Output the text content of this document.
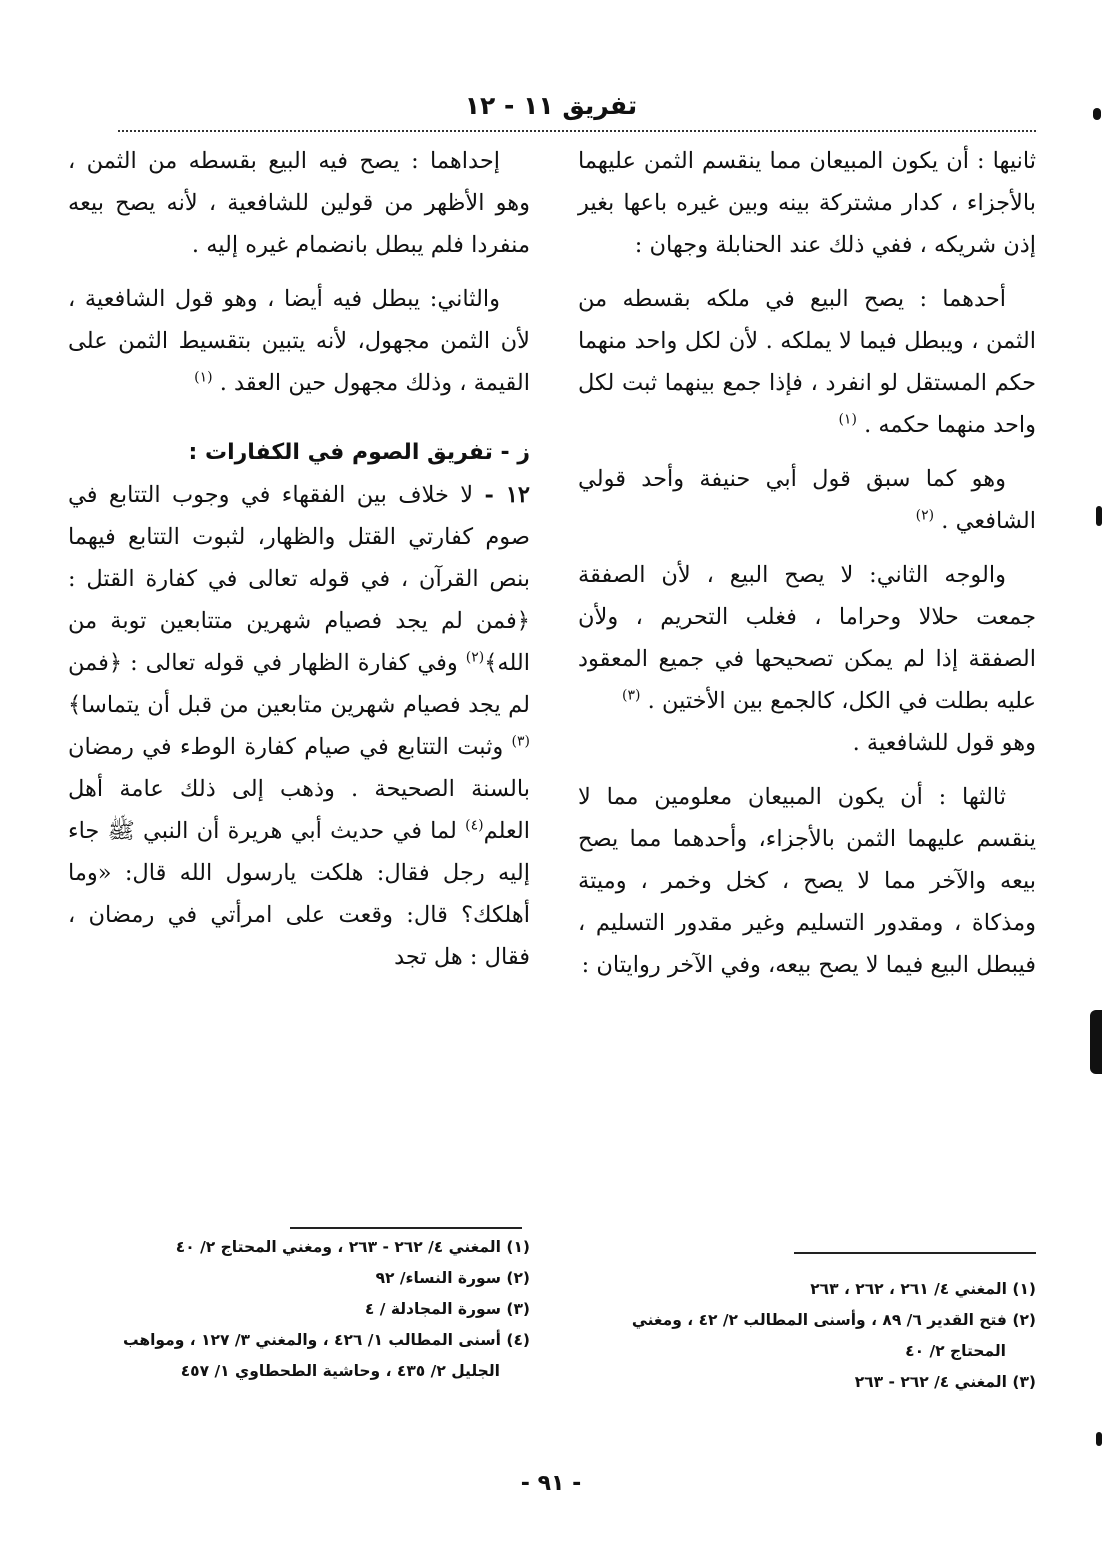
تفريق ١١ - ١٢

ثانيها : أن يكون المبيعان مما ينقسم الثمن عليهما بالأجزاء ، كدار مشتركة بينه وبين غيره باعها بغير إذن شريكه ، ففي ذلك عند الحنابلة وجهان :

أحدهما : يصح البيع في ملكه بقسطه من الثمن ، ويبطل فيما لا يملكه . لأن لكل واحد منهما حكم المستقل لو انفرد ، فإذا جمع بينهما ثبت لكل واحد منهما حكمه . $^{(١)}$

وهو كما سبق قول أبي حنيفة وأحد قولي الشافعي . $^{(٢)}$

والوجه الثاني: لا يصح البيع ، لأن الصفقة جمعت حلالا وحراما ، فغلب التحريم ، ولأن الصفقة إذا لم يمكن تصحيحها في جميع المعقود عليه بطلت في الكل، كالجمع بين الأختين . $^{(٣)}$

وهو قول للشافعية .

ثالثها : أن يكون المبيعان معلومين مما لا ينقسم عليهما الثمن بالأجزاء، وأحدهما مما يصح بيعه والآخر مما لا يصح ، كخل وخمر ، وميتة ومذكاة ، ومقدور التسليم وغير مقدور التسليم ، فيبطل البيع فيما لا يصح بيعه، وفي الآخر روايتان :

إحداهما : يصح فيه البيع بقسطه من الثمن ، وهو الأظهر من قولين للشافعية ، لأنه يصح بيعه منفردا فلم يبطل بانضمام غيره إليه .

والثاني: يبطل فيه أيضا ، وهو قول الشافعية ، لأن الثمن مجهول، لأنه يتبين بتقسيط الثمن على القيمة ، وذلك مجهول حين العقد . $^{(١)}$

ز - تفريق الصوم في الكفارات :

١٢ - لا خلاف بين الفقهاء في وجوب التتابع في صوم كفارتي القتل والظهار، لثبوت التتابع فيهما بنص القرآن ، في قوله تعالى في كفارة القتل : ﴿فمن لم يجد فصيام شهرين متتابعين توبة من الله﴾$^{(٢)}$ وفي كفارة الظهار في قوله تعالى : ﴿فمن لم يجد فصيام شهرين متابعين من قبل أن يتماسا﴾$^{(٣)}$ وثبت التتابع في صيام كفارة الوطء في رمضان بالسنة الصحيحة . وذهب إلى ذلك عامة أهل العلم$^{(٤)}$ لما في حديث أبي هريرة أن النبي ﷺ جاء إليه رجل فقال: هلكت يارسول الله قال: «وما أهلكك؟ قال: وقعت على امرأتي في رمضان ، فقال : هل تجد

(١) المغني ٤/ ٢٦١ ، ٢٦٢ ، ٢٦٣
(٢) فتح القدير ٦/ ٨٩ ، وأسنى المطالب ٢/ ٤٢ ، ومغني
المحتاج ٢/ ٤٠
(٣) المغني ٤/ ٢٦٢ - ٢٦٣
(١) المغني ٤/ ٢٦٢ - ٢٦٣ ، ومغني المحتاج ٢/ ٤٠
(٢) سورة النساء/ ٩٢
(٣) سورة المجادلة / ٤
(٤) أسنى المطالب ١/ ٤٢٦ ، والمغني ٣/ ١٢٧ ، ومواهب
الجليل ٢/ ٤٣٥ ، وحاشية الطحطاوي ١/ ٤٥٧
- ٩١ -
